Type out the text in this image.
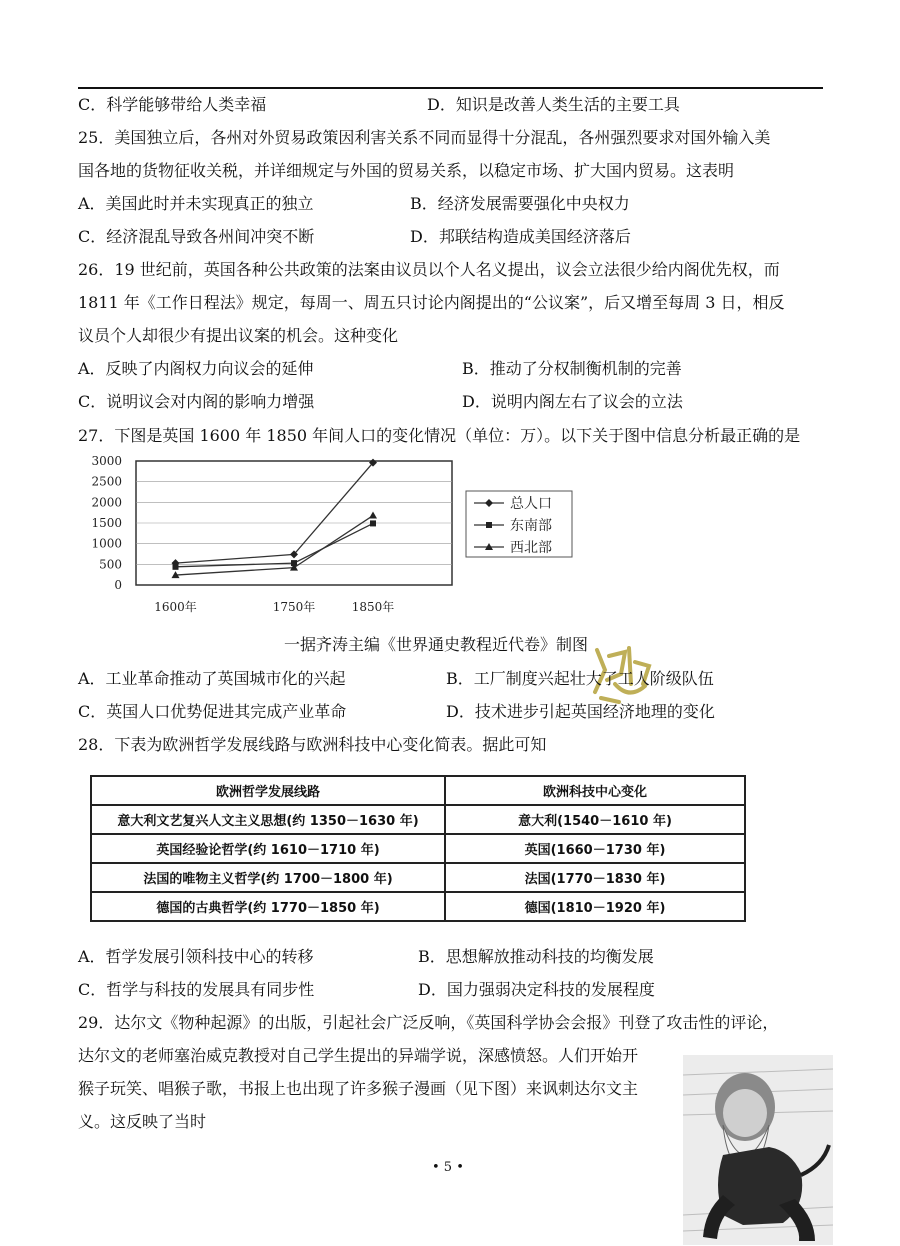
C．科学能够带给人类幸福	D．知识是改善人类生活的主要工具
25．美国独立后，各州对外贸易政策因利害关系不同而显得十分混乱，各州强烈要求对国外输入美
国各地的货物征收关税，并详细规定与外国的贸易关系，以稳定市场、扩大国内贸易。这表明
A．美国此时并未实现真正的独立	B．经济发展需要强化中央权力
C．经济混乱导致各州间冲突不断	D．邦联结构造成美国经济落后
26．19 世纪前，英国各种公共政策的法案由议员以个人名义提出，议会立法很少给内阁优先权，而
1811 年《工作日程法》规定，每周一、周五只讨论内阁提出的“公议案”，后又增至每周 3 日，相反
议员个人却很少有提出议案的机会。这种变化
A．反映了内阁权力向议会的延伸	B．推动了分权制衡机制的完善
C．说明议会对内阁的影响力增强	D．说明内阁左右了议会的立法
27．下图是英国 1600 年 1850 年间人口的变化情况（单位：万）。以下关于图中信息分析最正确的是
0
500
1000
1500
2000
2500
3000
1600年	1750年	1850年
总人口
东南部
西北部
一据齐涛主编《世界通史教程近代卷》制图
A．工业革命推动了英国城市化的兴起	B．工厂制度兴起壮大了工人阶级队伍
C．英国人口优势促进其完成产业革命	D．技术进步引起英国经济地理的变化
28．下表为欧洲哲学发展线路与欧洲科技中心变化简表。据此可知
欧洲哲学发展线路	欧洲科技中心变化
意大利文艺复兴人文主义思想(约 1350－1630 年)	意大利(1540－1610 年)
英国经验论哲学(约 1610－1710 年)	英国(1660－1730 年)
法国的唯物主义哲学(约 1700－1800 年)	法国(1770－1830 年)
德国的古典哲学(约 1770－1850 年)	德国(1810－1920 年)
A．哲学发展引领科技中心的转移	B．思想解放推动科技的均衡发展
C．哲学与科技的发展具有同步性	D．国力强弱决定科技的发展程度
29．达尔文《物种起源》的出版，引起社会广泛反响，《英国科学协会会报》刊登了攻击性的评论，
达尔文的老师塞治威克教授对自己学生提出的异端学说，深感愤怒。人们开始开
猴子玩笑、唱猴子歌，书报上也出现了许多猴子漫画（见下图）来讽刺达尔文主
义。这反映了当时
• 5 •
